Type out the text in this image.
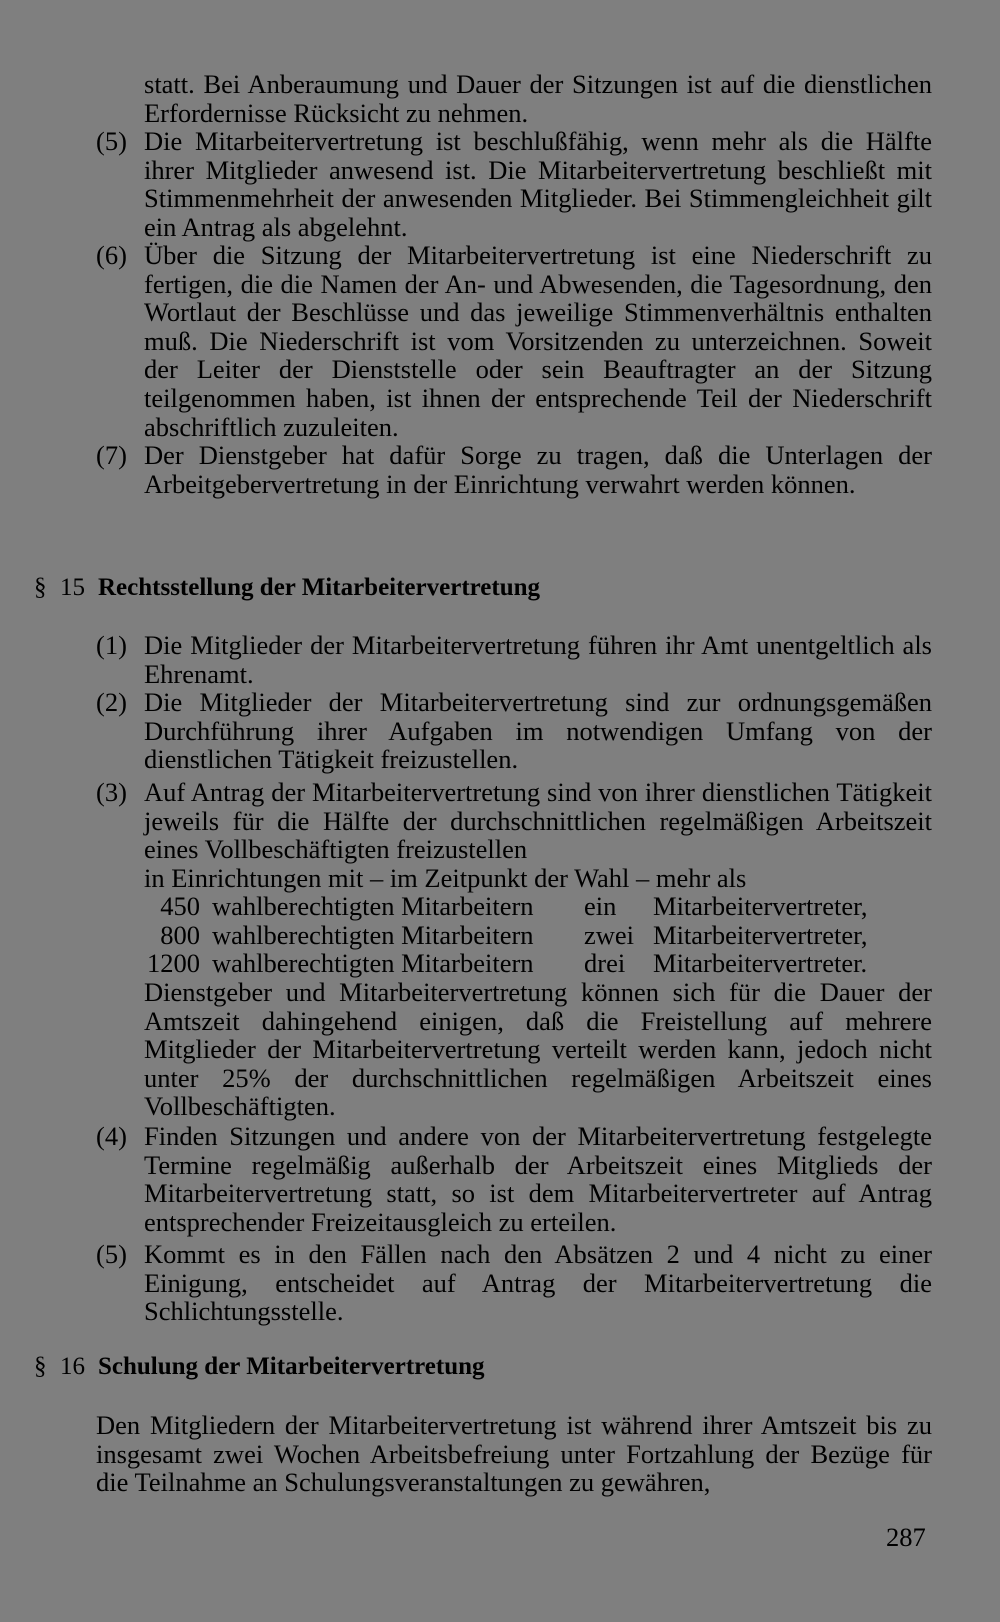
statt. Bei Anberaumung und Dauer der Sitzungen ist auf die dienstlichen Erfordernisse Rücksicht zu nehmen.
(5) Die Mitarbeitervertretung ist beschlußfähig, wenn mehr als die Hälfte ihrer Mitglieder anwesend ist. Die Mitarbeitervertretung beschließt mit Stimmenmehrheit der anwesenden Mitglieder. Bei Stimmengleichheit gilt ein Antrag als abgelehnt.
(6) Über die Sitzung der Mitarbeitervertretung ist eine Niederschrift zu fertigen, die die Namen der An- und Abwesenden, die Tagesordnung, den Wortlaut der Beschlüsse und das jeweilige Stimmenverhältnis enthalten muß. Die Niederschrift ist vom Vorsitzenden zu unterzeichnen. Soweit der Leiter der Dienststelle oder sein Beauftragter an der Sitzung teilgenommen haben, ist ihnen der entsprechende Teil der Niederschrift abschriftlich zuzuleiten.
(7) Der Dienstgeber hat dafür Sorge zu tragen, daß die Unterlagen der Arbeitgebervertretung in der Einrichtung verwahrt werden können.
§ 15 Rechtsstellung der Mitarbeitervertretung
(1) Die Mitglieder der Mitarbeitervertretung führen ihr Amt unentgeltlich als Ehrenamt.
(2) Die Mitglieder der Mitarbeitervertretung sind zur ordnungsgemäßen Durchführung ihrer Aufgaben im notwendigen Umfang von der dienstlichen Tätigkeit freizustellen.
(3) Auf Antrag der Mitarbeitervertretung sind von ihrer dienstlichen Tätigkeit jeweils für die Hälfte der durchschnittlichen regelmäßigen Arbeitszeit eines Vollbeschäftigten freizustellen
in Einrichtungen mit – im Zeitpunkt der Wahl – mehr als
450 wahlberechtigten Mitarbeitern ein Mitarbeitervertreter,
800 wahlberechtigten Mitarbeitern zwei Mitarbeitervertreter,
1200 wahlberechtigten Mitarbeitern drei Mitarbeitervertreter.
Dienstgeber und Mitarbeitervertretung können sich für die Dauer der Amtszeit dahingehend einigen, daß die Freistellung auf mehrere Mitglieder der Mitarbeitervertretung verteilt werden kann, jedoch nicht unter 25% der durchschnittlichen regelmäßigen Arbeitszeit eines Vollbeschäftigten.
(4) Finden Sitzungen und andere von der Mitarbeitervertretung festgelegte Termine regelmäßig außerhalb der Arbeitszeit eines Mitglieds der Mitarbeitervertretung statt, so ist dem Mitarbeitervertreter auf Antrag entsprechender Freizeitausgleich zu erteilen.
(5) Kommt es in den Fällen nach den Absätzen 2 und 4 nicht zu einer Einigung, entscheidet auf Antrag der Mitarbeitervertretung die Schlichtungsstelle.
§ 16 Schulung der Mitarbeitervertretung
Den Mitgliedern der Mitarbeitervertretung ist während ihrer Amtszeit bis zu insgesamt zwei Wochen Arbeitsbefreiung unter Fortzahlung der Bezüge für die Teilnahme an Schulungsveranstaltungen zu gewähren,
287
